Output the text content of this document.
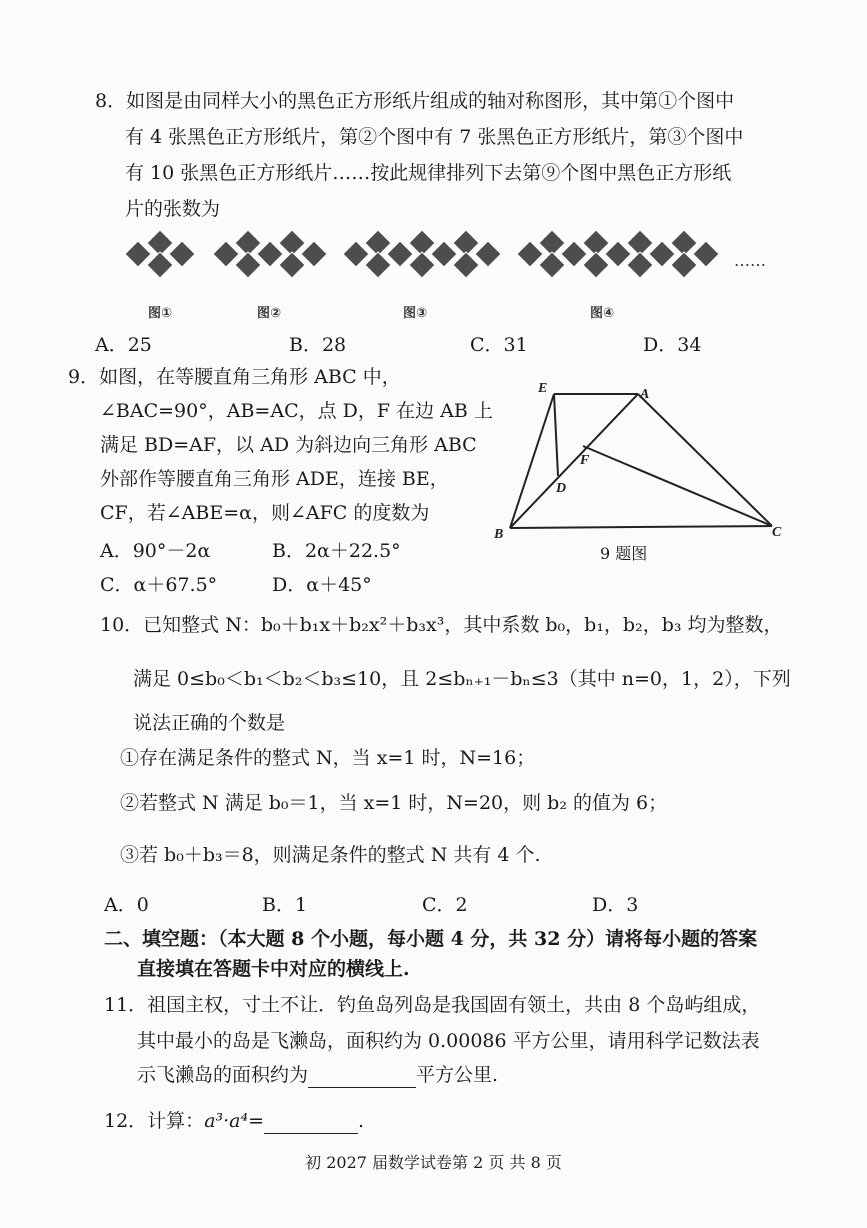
8．如图是由同样大小的黑色正方形纸片组成的轴对称图形，其中第①个图中
有 4 张黑色正方形纸片，第②个图中有 7 张黑色正方形纸片，第③个图中
有 10 张黑色正方形纸片……按此规律排列下去第⑨个图中黑色正方形纸
片的张数为
……
图①	图②	图③	图④
A．25	B．28	C．31	D．34
9．如图，在等腰直角三角形 ABC 中，
∠BAC=90°，AB=AC，点 D，F 在边 AB 上
满足 BD=AF，以 AD 为斜边向三角形 ABC
外部作等腰直角三角形 ADE，连接 BE，
CF，若∠ABE=α，则∠AFC 的度数为
A．90°－2α	B．2α＋22.5°
C．α＋67.5°	D．α＋45°
E	A
F
D
B	C
9 题图
10．已知整式 N：b₀＋b₁x＋b₂x²＋b₃x³，其中系数 b₀，b₁，b₂，b₃ 均为整数，
满足 0≤b₀＜b₁＜b₂＜b₃≤10，且 2≤bₙ₊₁－bₙ≤3（其中 n=0，1，2），下列
说法正确的个数是
①存在满足条件的整式 N，当 x=1 时，N=16；
②若整式 N 满足 b₀＝1，当 x=1 时，N=20，则 b₂ 的值为 6；
③若 b₀＋b₃＝8，则满足条件的整式 N 共有 4 个.
A．0	B．1	C．2	D．3
二、填空题：（本大题 8 个小题，每小题 4 分，共 32 分）请将每小题的答案
直接填在答题卡中对应的横线上.
11．祖国主权，寸土不让．钓鱼岛列岛是我国固有领土，共由 8 个岛屿组成，
其中最小的岛是飞濑岛，面积约为 0.00086 平方公里，请用科学记数法表
示飞濑岛的面积约为	平方公里.
12．计算：a³·a⁴=	.
初 2027 届数学试卷第 2 页 共 8 页
